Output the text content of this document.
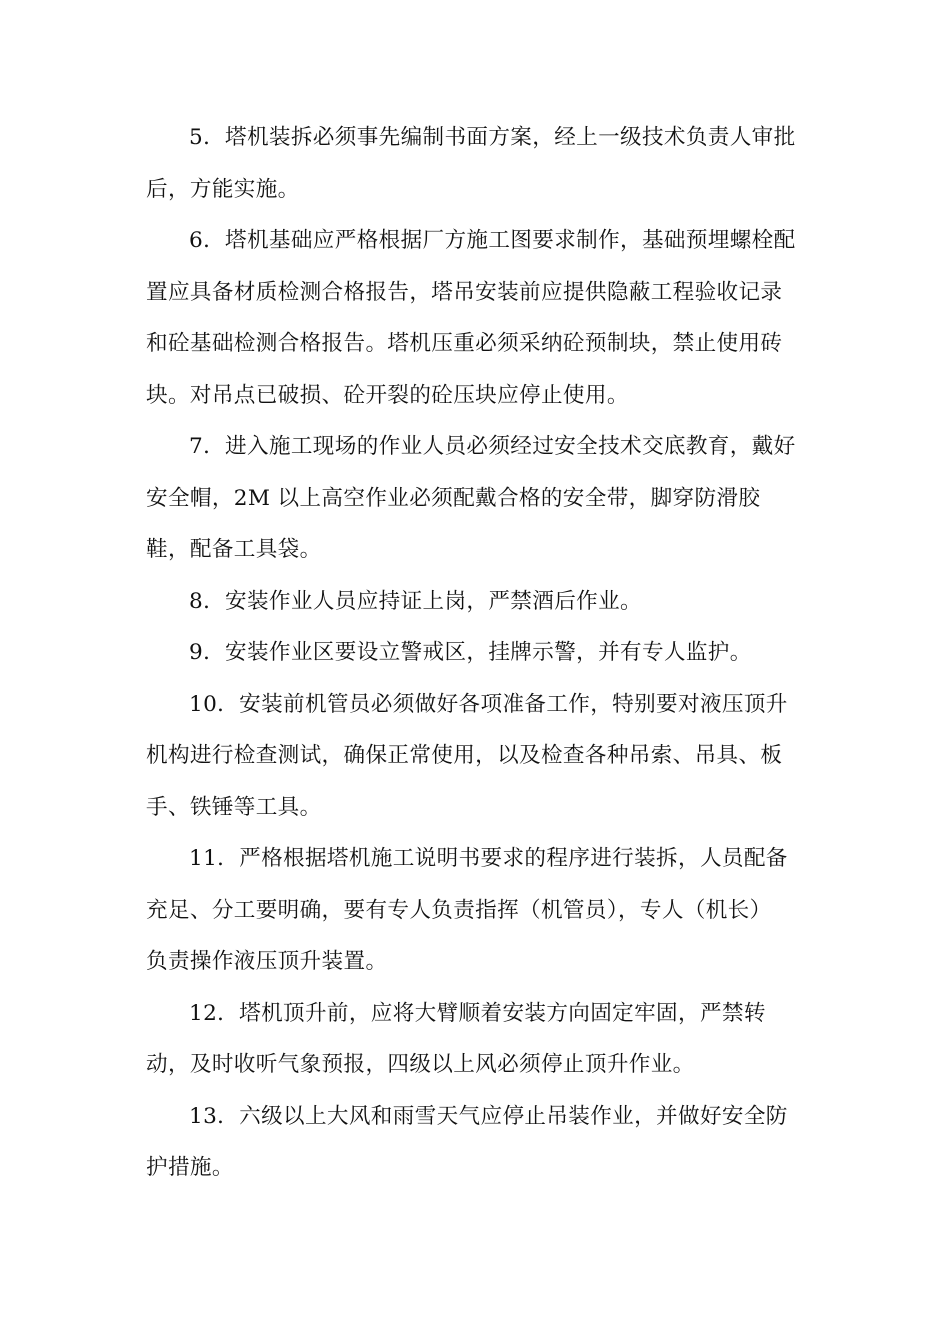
5．塔机装拆必须事先编制书面方案，经上一级技术负责人审批
后，方能实施。

6．塔机基础应严格根据厂方施工图要求制作，基础预埋螺栓配
置应具备材质检测合格报告，塔吊安装前应提供隐蔽工程验收记录
和砼基础检测合格报告。塔机压重必须采纳砼预制块，禁止使用砖
块。对吊点已破损、砼开裂的砼压块应停止使用。

7．进入施工现场的作业人员必须经过安全技术交底教育，戴好
安全帽，2M 以上高空作业必须配戴合格的安全带，脚穿防滑胶
鞋，配备工具袋。

8．安装作业人员应持证上岗，严禁酒后作业。

9．安装作业区要设立警戒区，挂牌示警，并有专人监护。

10．安装前机管员必须做好各项准备工作，特别要对液压顶升
机构进行检查测试，确保正常使用，以及检查各种吊索、吊具、板
手、铁锤等工具。

11．严格根据塔机施工说明书要求的程序进行装拆，人员配备
充足、分工要明确，要有专人负责指挥（机管员），专人（机长）
负责操作液压顶升装置。

12．塔机顶升前，应将大臂顺着安装方向固定牢固，严禁转
动，及时收听气象预报，四级以上风必须停止顶升作业。

13．六级以上大风和雨雪天气应停止吊装作业，并做好安全防
护措施。
